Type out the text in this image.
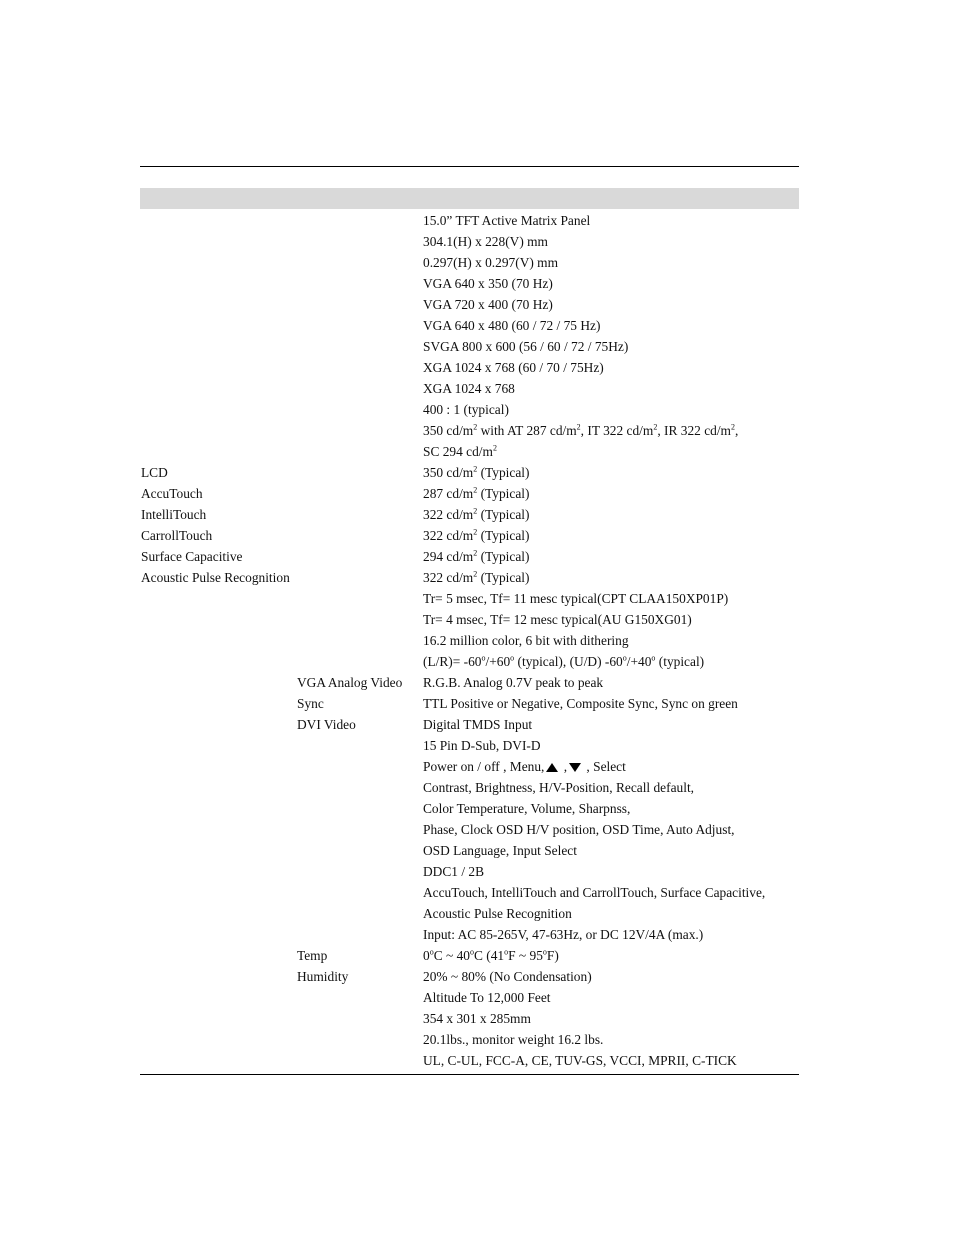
15.0” TFT Active Matrix Panel
304.1(H) x 228(V) mm
0.297(H) x 0.297(V) mm
VGA 640 x 350 (70 Hz)
VGA 720 x 400 (70 Hz)
VGA 640 x 480 (60 / 72 / 75 Hz)
SVGA 800 x 600 (56 / 60 / 72 / 75Hz)
XGA 1024 x 768 (60 / 70 / 75Hz)
XGA 1024 x 768
400 : 1 (typical)
350 $cd/m^2$ with AT 287 $cd/m^2$, IT 322 $cd/m^2$, IR 322 $cd/m^2$,
SC 294 $cd/m^2$
LCD	350 $cd/m^2$ (Typical)
AccuTouch	287 $cd/m^2$ (Typical)
IntelliTouch	322 $cd/m^2$ (Typical)
CarrollTouch	322 $cd/m^2$ (Typical)
Surface Capacitive	294 $cd/m^2$ (Typical)
Acoustic Pulse Recognition	322 $cd/m^2$ (Typical)
Tr= 5 msec, Tf= 11 mesc typical(CPT CLAA150XP01P)
Tr= 4 msec, Tf= 12 mesc typical(AU G150XG01)
16.2 million color, 6 bit with dithering
$(L/R)= -60^o/+60^o$ (typical), (U/D) $-60^o/+40^o$ (typical)
VGA Analog Video R.G.B. Analog 0.7V peak to peak
Sync	TTL Positive or Negative, Composite Sync, Sync on green
DVI Video	Digital TMDS Input
15 Pin D-Sub, DVI-D
Power on / off , Menu, , , Select
Contrast, Brightness, H/V-Position, Recall default,
Color Temperature, Volume, Sharpnss,
Phase, Clock OSD H/V position, OSD Time, Auto Adjust,
OSD Language, Input Select
DDC1 / 2B
AccuTouch, IntelliTouch and CarrollTouch, Surface Capacitive,
Acoustic Pulse Recognition
Input: AC 85-265V, 47-63Hz, or DC 12V/4A (max.)
Temp	0$^o$C ~ 40$^o$C (41$^o$F ~ 95$^o$F)
Humidity	20% ~ 80% (No Condensation)
Altitude To 12,000 Feet
354 x 301 x 285mm
20.1lbs., monitor weight 16.2 lbs.
UL, C-UL, FCC-A, CE, TUV-GS, VCCI, MPRII, C-TICK
